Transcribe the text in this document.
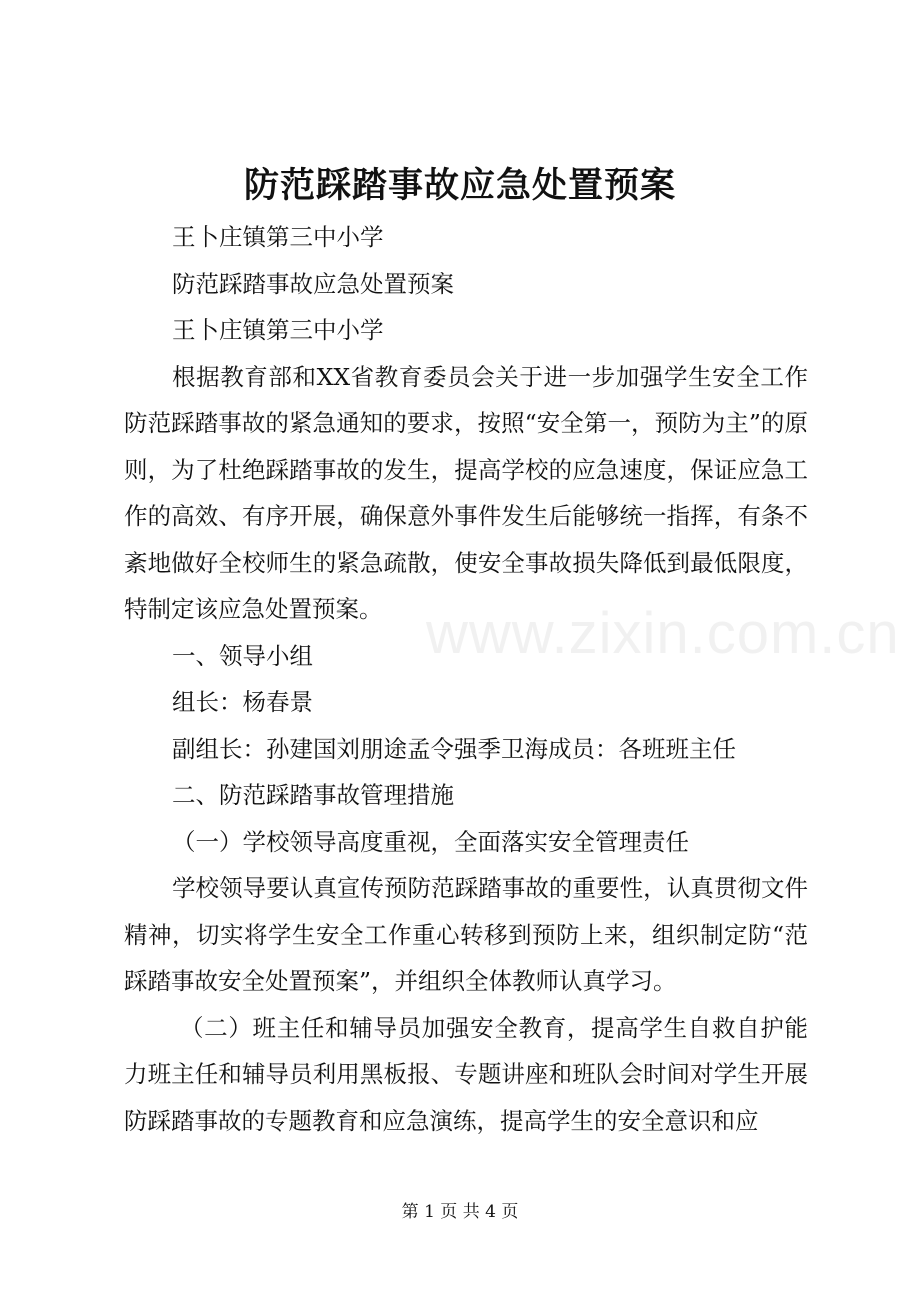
防范踩踏事故应急处置预案

王卜庄镇第三中小学

防范踩踏事故应急处置预案

王卜庄镇第三中小学

根据教育部和XX省教育委员会关于进一步加强学生安全工作防范踩踏事故的紧急通知的要求，按照“安全第一，预防为主”的原则，为了杜绝踩踏事故的发生，提高学校的应急速度，保证应急工作的高效、有序开展，确保意外事件发生后能够统一指挥，有条不紊地做好全校师生的紧急疏散，使安全事故损失降低到最低限度，特制定该应急处置预案。

一、领导小组

组长：杨春景

副组长：孙建国刘朋途孟令强季卫海成员：各班班主任

二、防范踩踏事故管理措施

（一）学校领导高度重视，全面落实安全管理责任

学校领导要认真宣传预防范踩踏事故的重要性，认真贯彻文件精神，切实将学生安全工作重心转移到预防上来，组织制定防“范踩踏事故安全处置预案”，并组织全体教师认真学习。

（二）班主任和辅导员加强安全教育，提高学生自救自护能力班主任和辅导员利用黑板报、专题讲座和班队会时间对学生开展防踩踏事故的专题教育和应急演练，提高学生的安全意识和应

www.zixin.com.cn
第 1 页 共 4 页
